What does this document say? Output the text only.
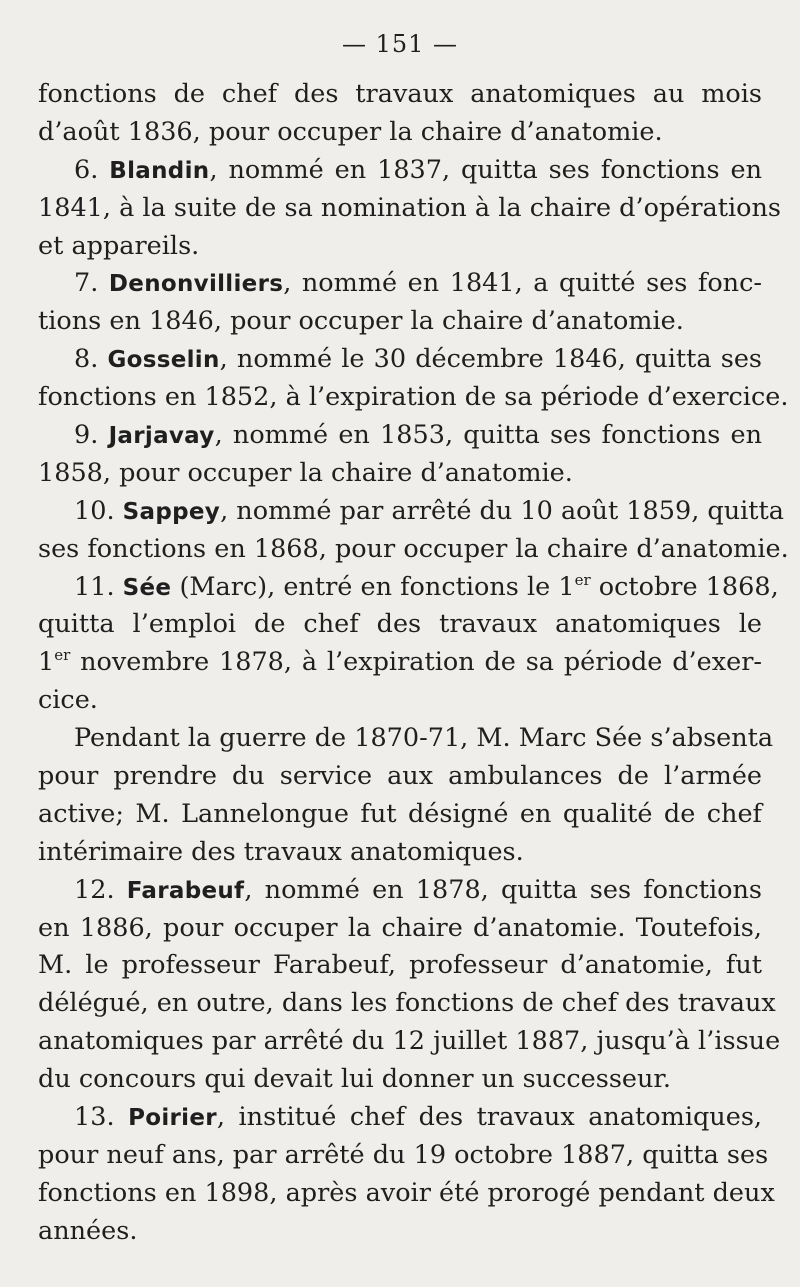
— 151 —
fonctions de chef des travaux anatomiques au mois
d’août 1836, pour occuper la chaire d’anatomie.
6. Blandin, nommé en 1837, quitta ses fonctions en
1841, à la suite de sa nomination à la chaire d’opérations
et appareils.
7. Denonvilliers, nommé en 1841, a quitté ses fonc-
tions en 1846, pour occuper la chaire d’anatomie.
8. Gosselin, nommé le 30 décembre 1846, quitta ses
fonctions en 1852, à l’expiration de sa période d’exercice.
9. Jarjavay, nommé en 1853, quitta ses fonctions en
1858, pour occuper la chaire d’anatomie.
10. Sappey, nommé par arrêté du 10 août 1859, quitta
ses fonctions en 1868, pour occuper la chaire d’anatomie.
11. Sée (Marc), entré en fonctions le 1er octobre 1868,
quitta l’emploi de chef des travaux anatomiques le
1er novembre 1878, à l’expiration de sa période d’exer-
cice.
Pendant la guerre de 1870-71, M. Marc Sée s’absenta
pour prendre du service aux ambulances de l’armée
active; M. Lannelongue fut désigné en qualité de chef
intérimaire des travaux anatomiques.
12. Farabeuf, nommé en 1878, quitta ses fonctions
en 1886, pour occuper la chaire d’anatomie. Toutefois,
M. le professeur Farabeuf, professeur d’anatomie, fut
délégué, en outre, dans les fonctions de chef des travaux
anatomiques par arrêté du 12 juillet 1887, jusqu’à l’issue
du concours qui devait lui donner un successeur.
13. Poirier, institué chef des travaux anatomiques,
pour neuf ans, par arrêté du 19 octobre 1887, quitta ses
fonctions en 1898, après avoir été prorogé pendant deux
années.
